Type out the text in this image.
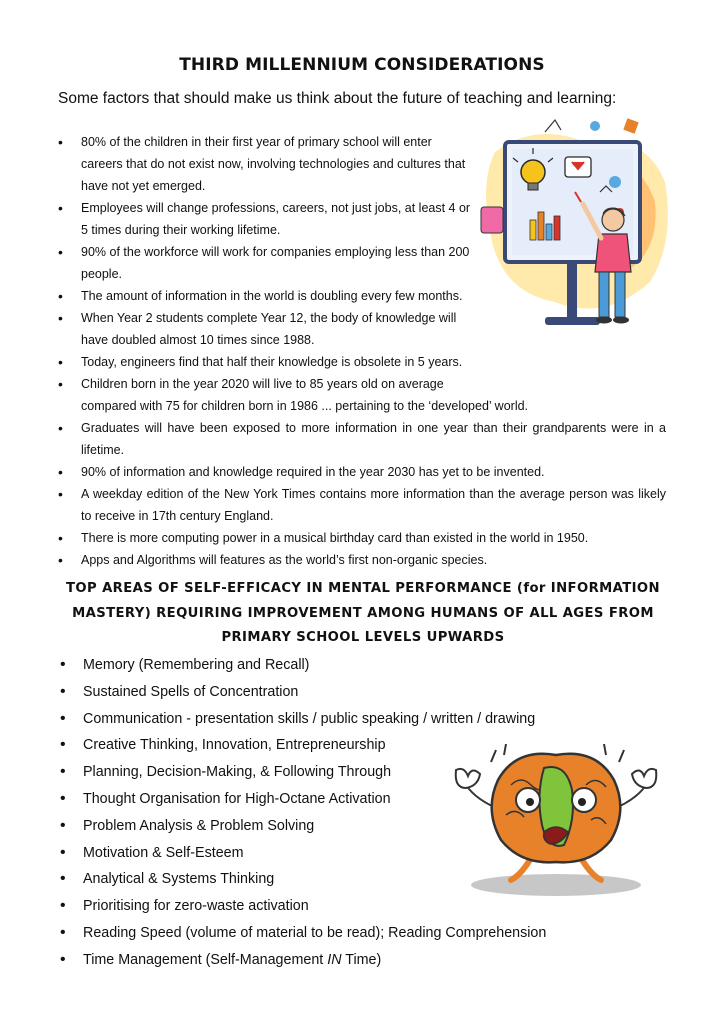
THIRD MILLENNIUM CONSIDERATIONS
Some factors that should make us think about the future of teaching and learning:
• 80% of the children in their first year of primary school will enter careers that do not exist now, involving technologies and cultures that have not yet emerged.
• Employees will change professions, careers, not just jobs, at least 4 or 5 times during their working lifetime.
• 90% of the workforce will work for companies employing less than 200 people.
• The amount of information in the world is doubling every few months.
• When Year 2 students complete Year 12, the body of knowledge will have doubled almost 10 times since 1988.
• Today, engineers find that half their knowledge is obsolete in 5 years.
• Children born in the year 2020 will live to 85 years old on average
compared with 75 for children born in 1986 ... pertaining to the ‘developed’ world.
• Graduates will have been exposed to more information in one year than their grandparents were in a lifetime.
• 90% of information and knowledge required in the year 2030 has yet to be invented.
• A weekday edition of the New York Times contains more information than the average person was likely to receive in 17th century England.
• There is more computing power in a musical birthday card than existed in the world in 1950.
• Apps and Algorithms will features as the world’s first non-organic species.
TOP AREAS OF SELF-EFFICACY IN MENTAL PERFORMANCE (for INFORMATION MASTERY) REQUIRING IMPROVEMENT AMONG HUMANS OF ALL AGES FROM PRIMARY SCHOOL LEVELS UPWARDS
• Memory (Remembering and Recall)
• Sustained Spells of Concentration
• Communication - presentation skills / public speaking / written / drawing
• Creative Thinking, Innovation, Entrepreneurship
• Planning, Decision-Making, & Following Through
• Thought Organisation for High-Octane Activation
• Problem Analysis & Problem Solving
• Motivation & Self-Esteem
• Analytical & Systems Thinking
• Prioritising for zero-waste activation
• Reading Speed (volume of material to be read); Reading Comprehension
• Time Management (Self-Management IN Time)
